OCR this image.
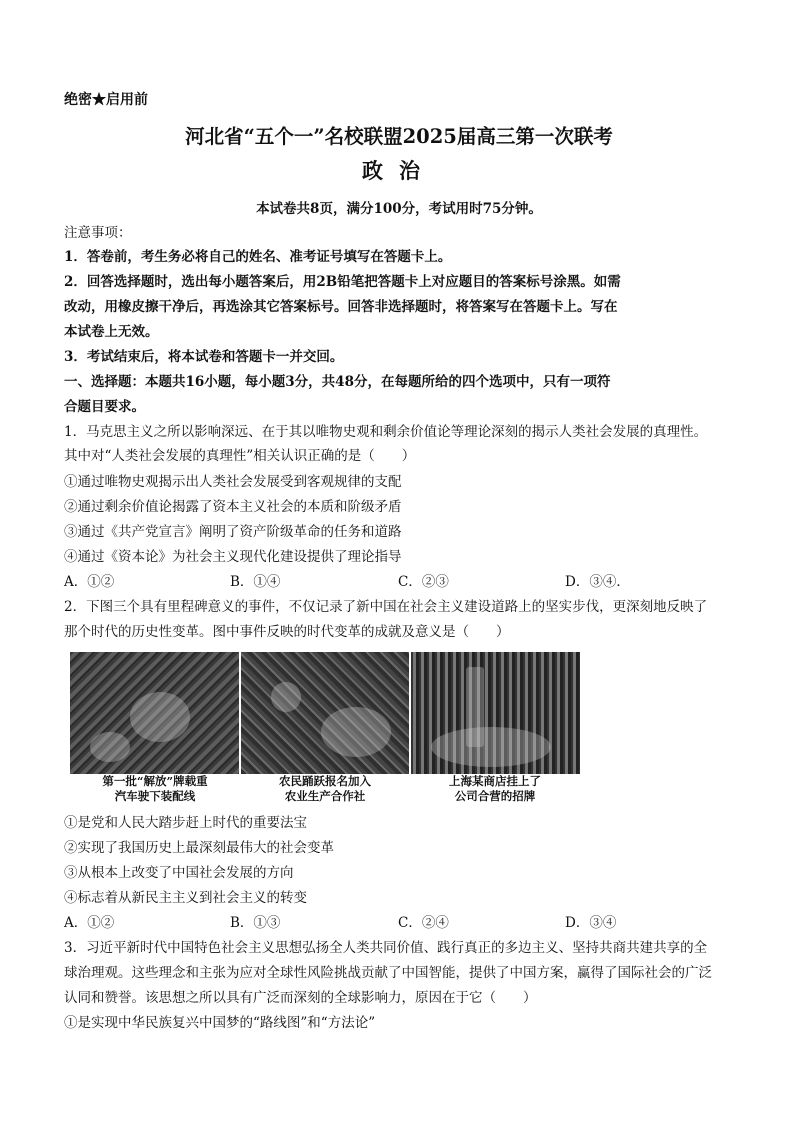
绝密★启用前
河北省“五个一”名校联盟2025届高三第一次联考
政治
本试卷共8页，满分100分，考试用时75分钟。
注意事项：
1．答卷前，考生务必将自己的姓名、准考证号填写在答题卡上。
2．回答选择题时，选出每小题答案后，用2B铅笔把答题卡上对应题目的答案标号涂黑。如需
改动，用橡皮擦干净后，再选涂其它答案标号。回答非选择题时，将答案写在答题卡上。写在
本试卷上无效。
3．考试结束后，将本试卷和答题卡一并交回。
一、选择题：本题共16小题，每小题3分，共48分，在每题所给的四个选项中，只有一项符
合题目要求。
1．马克思主义之所以影响深远、在于其以唯物史观和剩余价值论等理论深刻的揭示人类社会发展的真理性。
其中对“人类社会发展的真理性”相关认识正确的是（　　）
①通过唯物史观揭示出人类社会发展受到客观规律的支配
②通过剩余价值论揭露了资本主义社会的本质和阶级矛盾
③通过《共产党宣言》阐明了资产阶级革命的任务和道路
④通过《资本论》为社会主义现代化建设提供了理论指导
A．①②	B．①④	C．②③	D．③④．
2．下图三个具有里程碑意义的事件，不仅记录了新中国在社会主义建设道路上的坚实步伐，更深刻地反映了
那个时代的历史性变革。图中事件反映的时代变革的成就及意义是（　　）
第一批“解放”牌载重
汽车驶下装配线
农民踊跃报名加入
农业生产合作社
上海某商店挂上了
公司合营的招牌
①是党和人民大踏步赶上时代的重要法宝
②实现了我国历史上最深刻最伟大的社会变革
③从根本上改变了中国社会发展的方向
④标志着从新民主主义到社会主义的转变
A．①②	B．①③	C．②④	D．③④
3．习近平新时代中国特色社会主义思想弘扬全人类共同价值、践行真正的多边主义、坚持共商共建共享的全
球治理观。这些理念和主张为应对全球性风险挑战贡献了中国智能，提供了中国方案，赢得了国际社会的广泛
认同和赞誉。该思想之所以具有广泛而深刻的全球影响力，原因在于它（　　）
①是实现中华民族复兴中国梦的“路线图”和“方法论”
